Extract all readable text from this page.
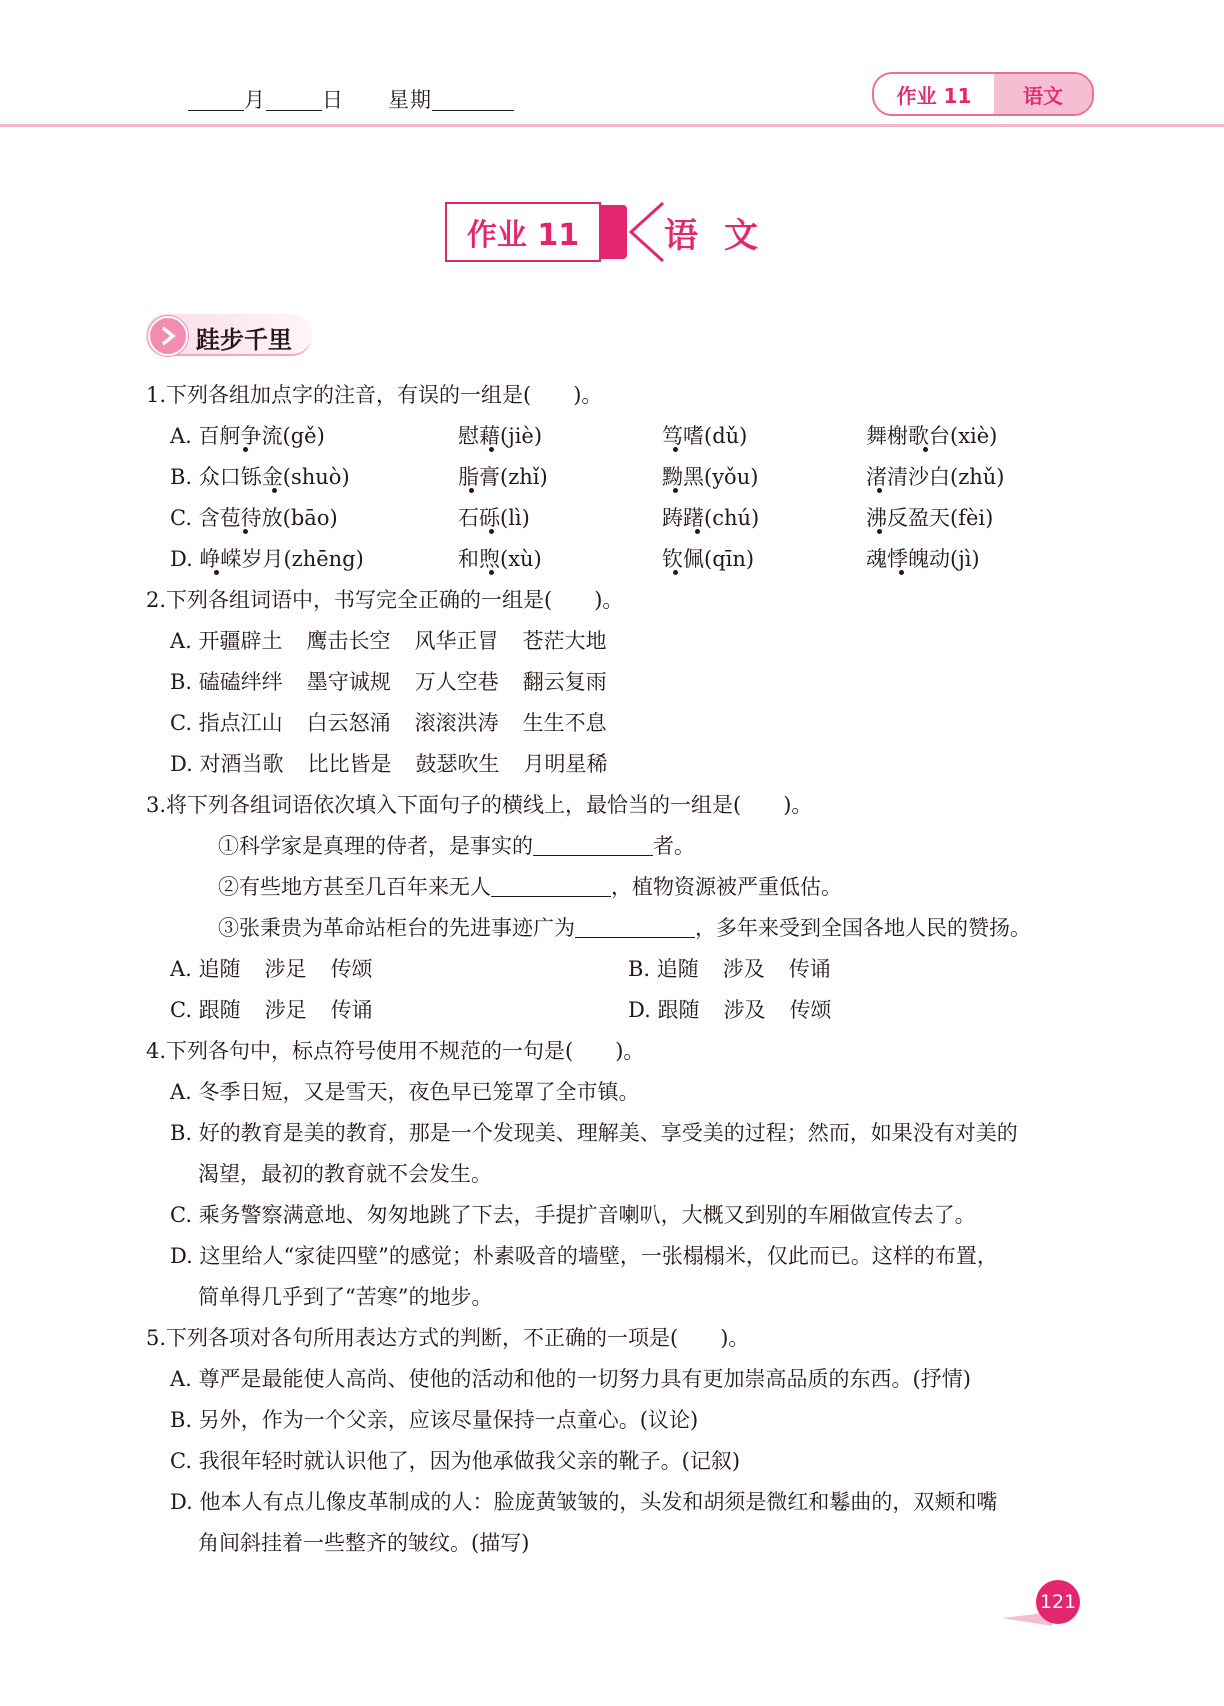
月	日 星期	作业 11	语文
作业 11	语文
跬步千里
1.下列各组加点字的注音，有误的一组是(　　)。
A. 百舸争流(gě)	慰藉(jiè)	笃嗜(dǔ)	舞榭歌台(xiè)
B. 众口铄金(shuò)	脂膏(zhǐ)	黝黑(yǒu)	渚清沙白(zhǔ)
C. 含苞待放(bāo)	石砾(lì)	踌躇(chú)	沸反盈天(fèi)
D. 峥嵘岁月(zhēng)	和煦(xù)	钦佩(qīn)	魂悸魄动(jì)
2.下列各组词语中，书写完全正确的一组是(　　)。
A. 开疆辟土 鹰击长空 风华正冒 苍茫大地
B. 磕磕绊绊 墨守诚规 万人空巷 翻云复雨
C. 指点江山 白云怒涌 滚滚洪涛 生生不息
D. 对酒当歌 比比皆是 鼓瑟吹生 月明星稀
3.将下列各组词语依次填入下面句子的横线上，最恰当的一组是(　　)。
①科学家是真理的侍者，是事实的	者。
②有些地方甚至几百年来无人	，植物资源被严重低估。
③张秉贵为革命站柜台的先进事迹广为	，多年来受到全国各地人民的赞扬。
A. 追随 涉足 传颂	B. 追随 涉及 传诵
C. 跟随 涉足 传诵	D. 跟随 涉及 传颂
4.下列各句中，标点符号使用不规范的一句是(　　)。
A. 冬季日短，又是雪天，夜色早已笼罩了全市镇。
B. 好的教育是美的教育，那是一个发现美、理解美、享受美的过程；然而，如果没有对美的
渴望，最初的教育就不会发生。
C. 乘务警察满意地、匆匆地跳了下去，手提扩音喇叭，大概又到别的车厢做宣传去了。
D. 这里给人“家徒四壁”的感觉；朴素吸音的墙壁，一张榻榻米，仅此而已。这样的布置，
简单得几乎到了“苦寒”的地步。
5.下列各项对各句所用表达方式的判断，不正确的一项是(　　)。
A. 尊严是最能使人高尚、使他的活动和他的一切努力具有更加崇高品质的东西。(抒情)
B. 另外，作为一个父亲，应该尽量保持一点童心。(议论)
C. 我很年轻时就认识他了，因为他承做我父亲的靴子。(记叙)
D. 他本人有点儿像皮革制成的人：脸庞黄皱皱的，头发和胡须是微红和鬈曲的，双颊和嘴
角间斜挂着一些整齐的皱纹。(描写)
121
